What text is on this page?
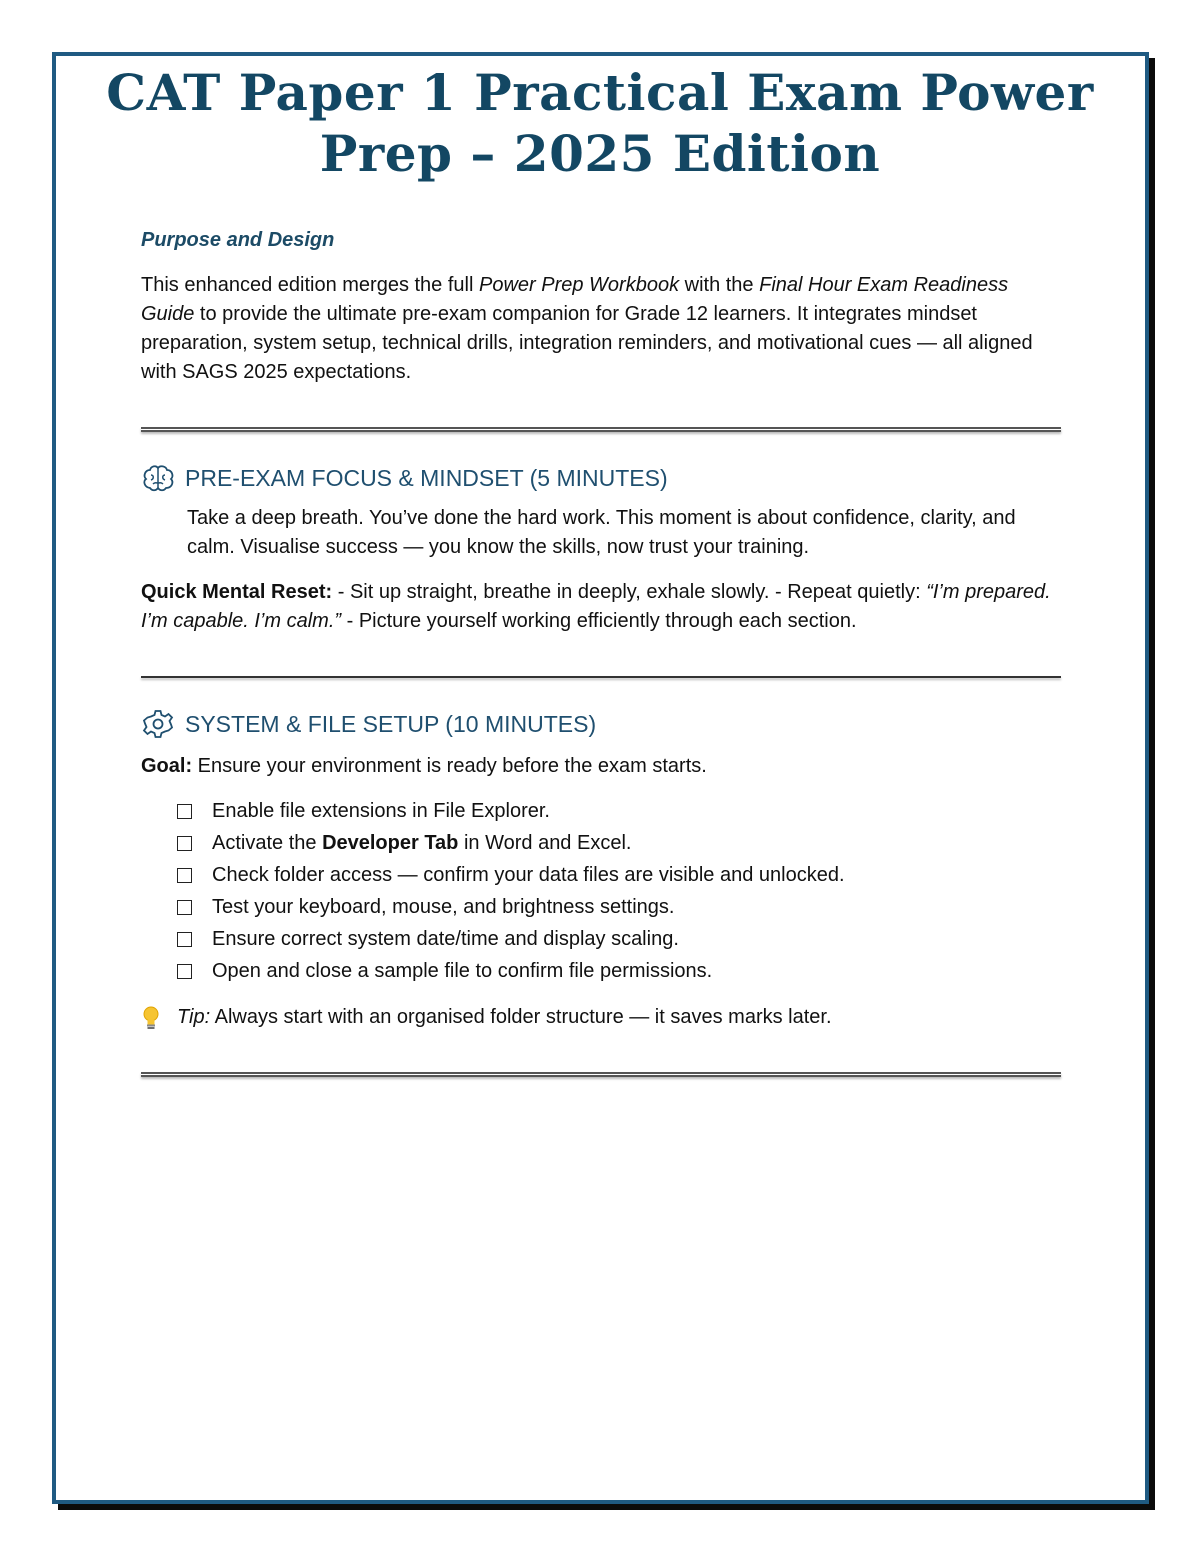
CAT Paper 1 Practical Exam Power Prep – 2025 Edition
Purpose and Design

This enhanced edition merges the full Power Prep Workbook with the Final Hour Exam Readiness Guide to provide the ultimate pre-exam companion for Grade 12 learners. It integrates mindset preparation, system setup, technical drills, integration reminders, and motivational cues — all aligned with SAGS 2025 expectations.

PRE-EXAM FOCUS & MINDSET (5 MINUTES)

Take a deep breath. You’ve done the hard work. This moment is about confidence, clarity, and calm. Visualise success — you know the skills, now trust your training.

Quick Mental Reset: - Sit up straight, breathe in deeply, exhale slowly. - Repeat quietly: “I’m prepared. I’m capable. I’m calm.” - Picture yourself working efficiently through each section.

SYSTEM & FILE SETUP (10 MINUTES)

Goal: Ensure your environment is ready before the exam starts.

Enable file extensions in File Explorer.
Activate the Developer Tab in Word and Excel.
Check folder access — confirm your data files are visible and unlocked.
Test your keyboard, mouse, and brightness settings.
Ensure correct system date/time and display scaling.
Open and close a sample file to confirm file permissions.

Tip: Always start with an organised folder structure — it saves marks later.
